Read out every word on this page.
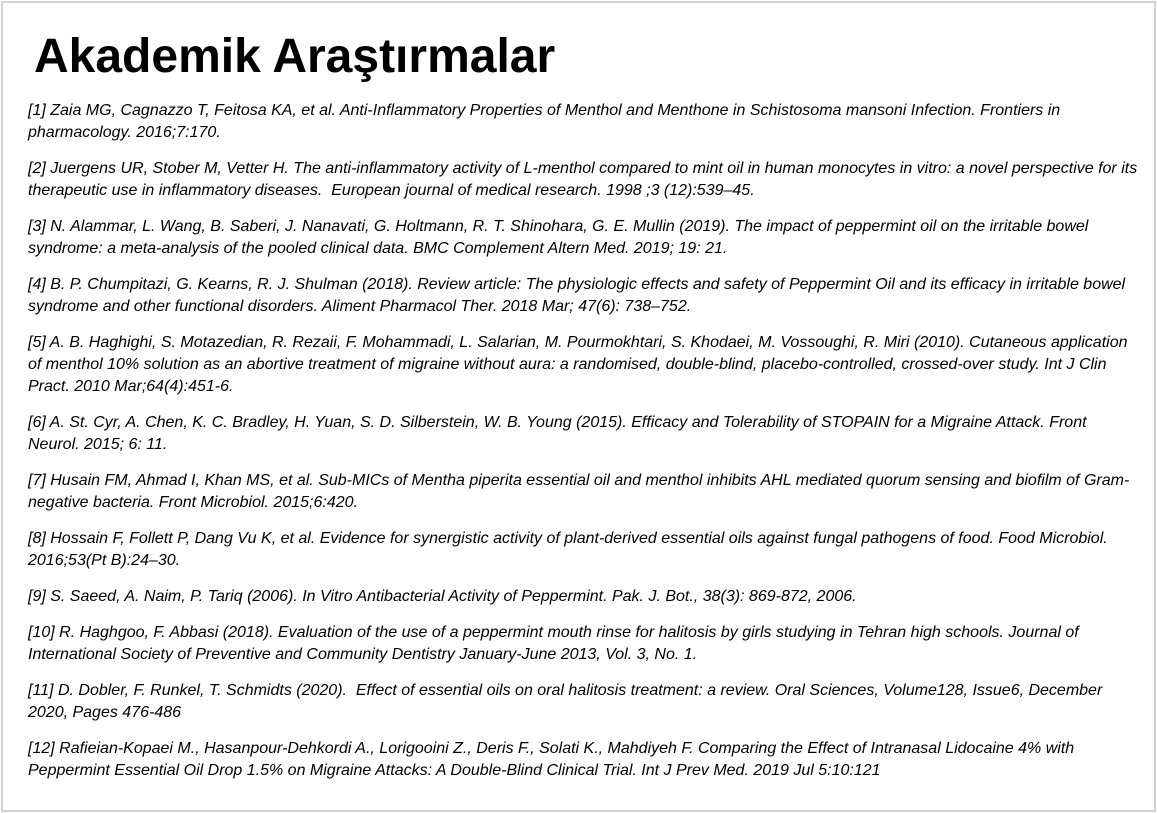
Akademik Araştırmalar
[1] Zaia MG, Cagnazzo T, Feitosa KA, et al. Anti-Inflammatory Properties of Menthol and Menthone in Schistosoma mansoni Infection. Frontiers in pharmacology. 2016;7:170.
[2] Juergens UR, Stober M, Vetter H. The anti-inflammatory activity of L-menthol compared to mint oil in human monocytes in vitro: a novel perspective for its therapeutic use in inflammatory diseases.  European journal of medical research. 1998 ;3 (12):539–45.
[3] N. Alammar, L. Wang, B. Saberi, J. Nanavati, G. Holtmann, R. T. Shinohara, G. E. Mullin (2019). The impact of peppermint oil on the irritable bowel syndrome: a meta-analysis of the pooled clinical data. BMC Complement Altern Med. 2019; 19: 21.
[4] B. P. Chumpitazi, G. Kearns, R. J. Shulman (2018). Review article: The physiologic effects and safety of Peppermint Oil and its efficacy in irritable bowel syndrome and other functional disorders. Aliment Pharmacol Ther. 2018 Mar; 47(6): 738–752.
[5] A. B. Haghighi, S. Motazedian, R. Rezaii, F. Mohammadi, L. Salarian, M. Pourmokhtari, S. Khodaei, M. Vossoughi, R. Miri (2010). Cutaneous application of menthol 10% solution as an abortive treatment of migraine without aura: a randomised, double-blind, placebo-controlled, crossed-over study. Int J Clin Pract. 2010 Mar;64(4):451-6.
[6] A. St. Cyr, A. Chen, K. C. Bradley, H. Yuan, S. D. Silberstein, W. B. Young (2015). Efficacy and Tolerability of STOPAIN for a Migraine Attack. Front Neurol. 2015; 6: 11.
[7] Husain FM, Ahmad I, Khan MS, et al. Sub-MICs of Mentha piperita essential oil and menthol inhibits AHL mediated quorum sensing and biofilm of Gram-negative bacteria. Front Microbiol. 2015;6:420.
[8] Hossain F, Follett P, Dang Vu K, et al. Evidence for synergistic activity of plant-derived essential oils against fungal pathogens of food. Food Microbiol. 2016;53(Pt B):24–30.
[9] S. Saeed, A. Naim, P. Tariq (2006). In Vitro Antibacterial Activity of Peppermint. Pak. J. Bot., 38(3): 869-872, 2006.
[10] R. Haghgoo, F. Abbasi (2018). Evaluation of the use of a peppermint mouth rinse for halitosis by girls studying in Tehran high schools. Journal of International Society of Preventive and Community Dentistry January-June 2013, Vol. 3, No. 1.
[11] D. Dobler, F. Runkel, T. Schmidts (2020).  Effect of essential oils on oral halitosis treatment: a review. Oral Sciences, Volume128, Issue6, December 2020, Pages 476-486
[12] Rafieian-Kopaei M., Hasanpour-Dehkordi A., Lorigooini Z., Deris F., Solati K., Mahdiyeh F. Comparing the Effect of Intranasal Lidocaine 4% with Peppermint Essential Oil Drop 1.5% on Migraine Attacks: A Double-Blind Clinical Trial. Int J Prev Med. 2019 Jul 5:10:121
